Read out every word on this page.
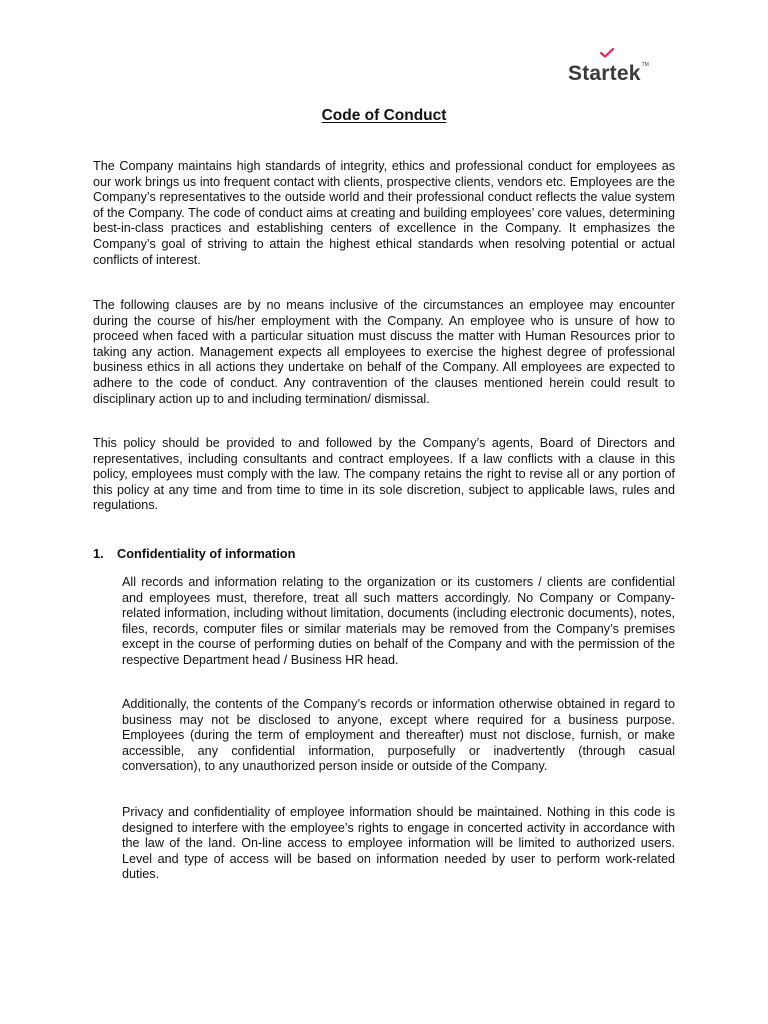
Startek TM
Code of Conduct

The Company maintains high standards of integrity, ethics and professional conduct for employees as our work brings us into frequent contact with clients, prospective clients, vendors etc. Employees are the Company’s representatives to the outside world and their professional conduct reflects the value system of the Company. The code of conduct aims at creating and building employees’ core values, determining best-in-class practices and establishing centers of excellence in the Company. It emphasizes the Company’s goal of striving to attain the highest ethical standards when resolving potential or actual conflicts of interest.

The following clauses are by no means inclusive of the circumstances an employee may encounter during the course of his/her employment with the Company. An employee who is unsure of how to proceed when faced with a particular situation must discuss the matter with Human Resources prior to taking any action. Management expects all employees to exercise the highest degree of professional business ethics in all actions they undertake on behalf of the Company. All employees are expected to adhere to the code of conduct. Any contravention of the clauses mentioned herein could result to disciplinary action up to and including termination/ dismissal.

This policy should be provided to and followed by the Company’s agents, Board of Directors and representatives, including consultants and contract employees. If a law conflicts with a clause in this policy, employees must comply with the law. The company retains the right to revise all or any portion of this policy at any time and from time to time in its sole discretion, subject to applicable laws, rules and regulations.

1. Confidentiality of information

All records and information relating to the organization or its customers / clients are confidential and employees must, therefore, treat all such matters accordingly. No Company or Company-related information, including without limitation, documents (including electronic documents), notes, files, records, computer files or similar materials may be removed from the Company’s premises except in the course of performing duties on behalf of the Company and with the permission of the respective Department head / Business HR head.

Additionally, the contents of the Company’s records or information otherwise obtained in regard to business may not be disclosed to anyone, except where required for a business purpose. Employees (during the term of employment and thereafter) must not disclose, furnish, or make accessible, any confidential information, purposefully or inadvertently (through casual conversation), to any unauthorized person inside or outside of the Company.

Privacy and confidentiality of employee information should be maintained. Nothing in this code is designed to interfere with the employee’s rights to engage in concerted activity in accordance with the law of the land. On-line access to employee information will be limited to authorized users. Level and type of access will be based on information needed by user to perform work-related duties.
